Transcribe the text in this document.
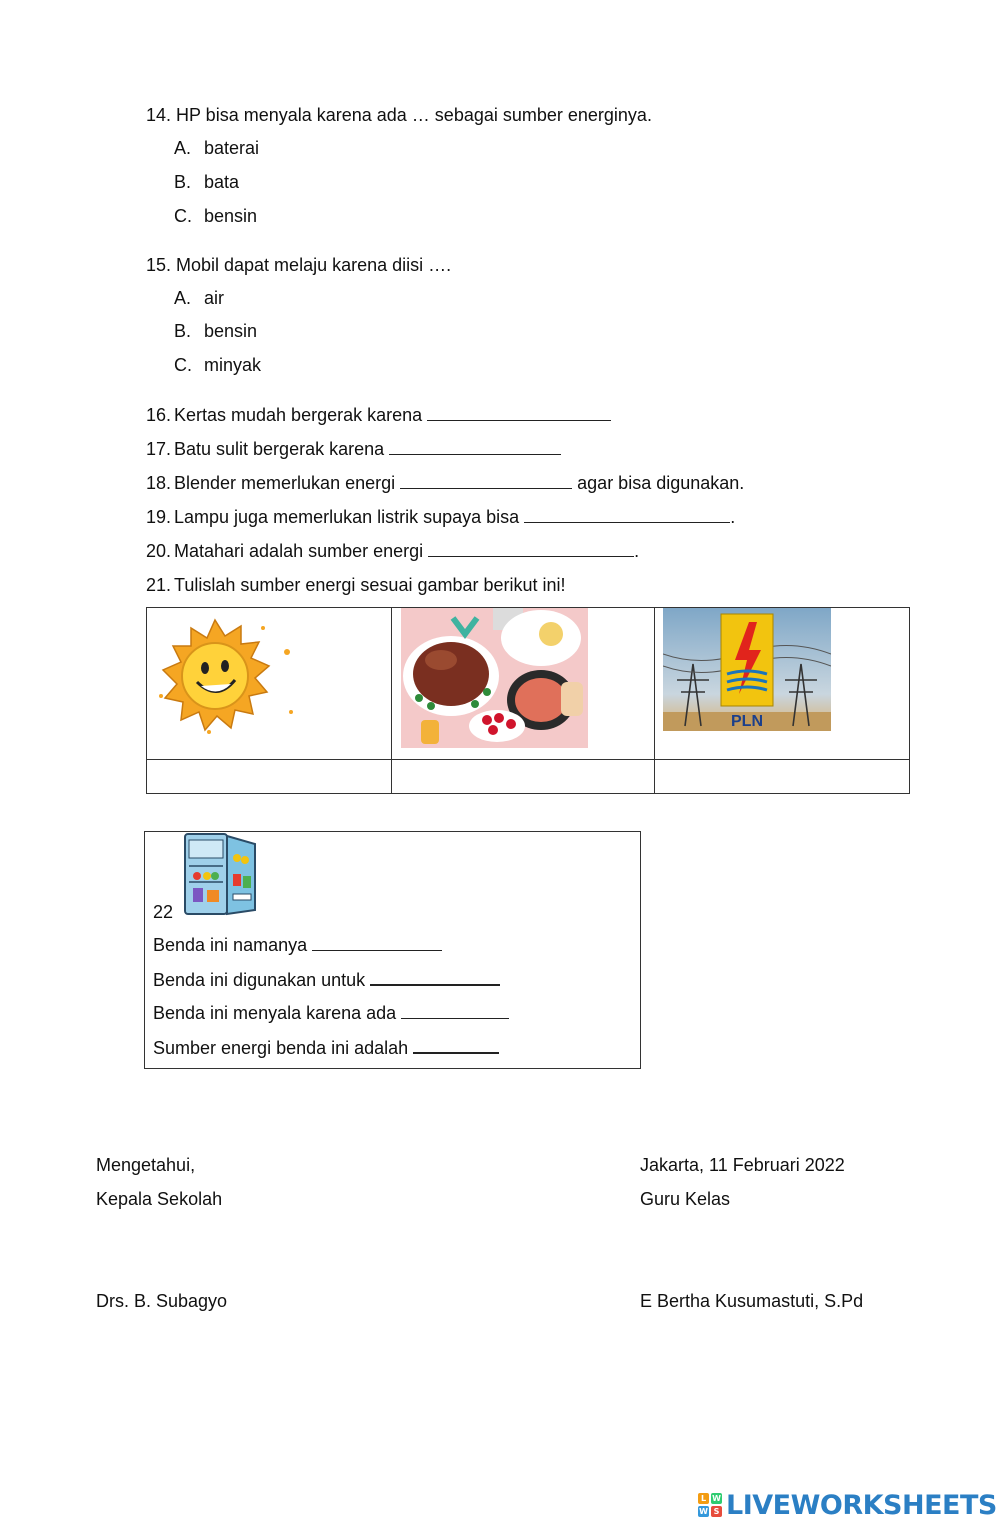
14. HP bisa menyala karena ada … sebagai sumber energinya.
A. baterai
B. bata
C. bensin
15. Mobil dapat melaju karena diisi ….
A. air
B. bensin
C. minyak
16. Kertas mudah bergerak karena
17. Batu sulit bergerak karena
18. Blender memerlukan energi	agar bisa digunakan.
19. Lampu juga memerlukan listrik supaya bisa	.
20. Matahari adalah sumber energi	.
21. Tulislah sumber energi sesuai gambar berikut ini!
PLN
22
Benda ini namanya
Benda ini digunakan untuk
Benda ini menyala karena ada
Sumber energi benda ini adalah
Mengetahui,
Kepala Sekolah
Drs. B. Subagyo
Jakarta, 11 Februari 2022
Guru Kelas
E Bertha Kusumastuti, S.Pd
L W
W S LIVEWORKSHEETS
